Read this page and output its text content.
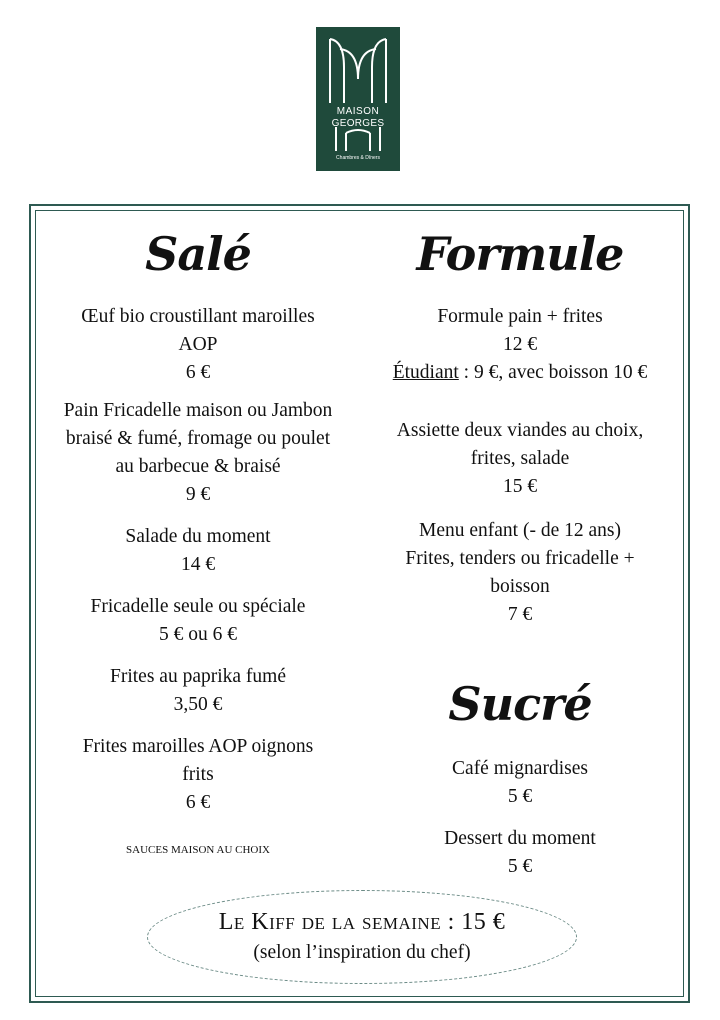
MAISON
GEORGES
Chambres & Dîners
Salé
Œuf bio croustillant maroilles
AOP
6 €
Pain Fricadelle maison ou Jambon
braisé & fumé, fromage ou poulet
au barbecue & braisé
9 €
Salade du moment
14 €
Fricadelle seule ou spéciale
5 € ou 6 €
Frites au paprika fumé
3,50 €
Frites maroilles AOP oignons
frits
6 €
SAUCES MAISON AU CHOIX
Formule
Formule pain + frites
12 €
Étudiant : 9 €, avec boisson 10 €
Assiette deux viandes au choix,
frites, salade
15 €
Menu enfant (- de 12 ans)
Frites, tenders ou fricadelle +
boisson
7 €
Sucré
Café mignardises
5 €
Dessert du moment
5 €
Le Kiff de la semaine : 15 €
(selon l’inspiration du chef)
